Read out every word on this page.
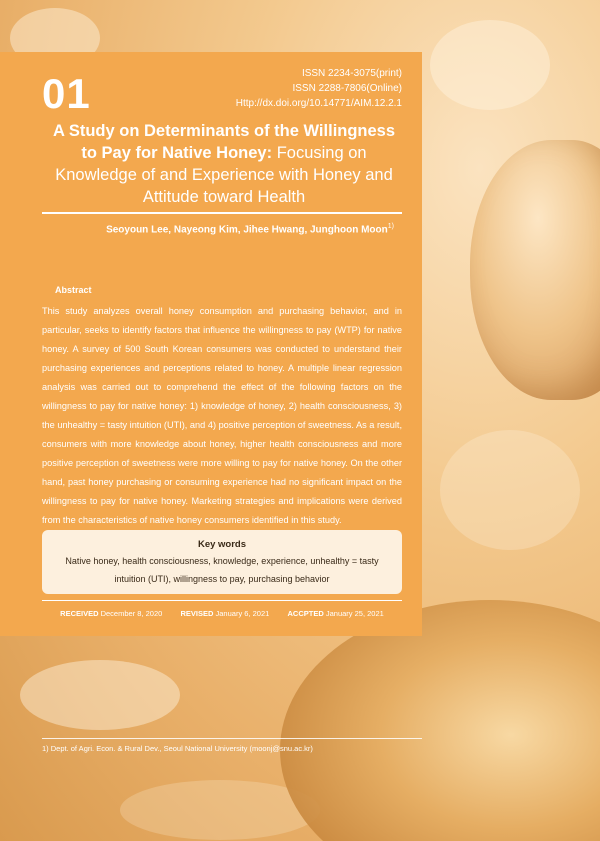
01	ISSN 2234-3075(print)
ISSN 2288-7806(Online)
Http://dx.doi.org/10.14771/AIM.12.2.1
A Study on Determinants of the Willingness to Pay for Native Honey: Focusing on Knowledge of and Experience with Honey and Attitude toward Health
Seoyoun Lee, Nayeong Kim, Jihee Hwang, Junghoon Moon$^{1)}$
Abstract
This study analyzes overall honey consumption and purchasing behavior, and in particular, seeks to identify factors that influence the willingness to pay (WTP) for native honey. A survey of 500 South Korean consumers was conducted to understand their purchasing experiences and perceptions related to honey. A multiple linear regression analysis was carried out to comprehend the effect of the following factors on the willingness to pay for native honey: 1) knowledge of honey, 2) health consciousness, 3) the unhealthy = tasty intuition (UTI), and 4) positive perception of sweetness. As a result, consumers with more knowledge about honey, higher health consciousness and more positive perception of sweetness were more willing to pay for native honey. On the other hand, past honey purchasing or consuming experience had no significant impact on the willingness to pay for native honey. Marketing strategies and implications were derived from the characteristics of native honey consumers identified in this study.
Key words
Native honey, health consciousness, knowledge, experience, unhealthy = tasty intuition (UTI), willingness to pay, purchasing behavior
RECEIVED December 8, 2020 REVISED January 6, 2021 ACCPTED January 25, 2021
1) Dept. of Agri. Econ. & Rural Dev., Seoul National University (moonj@snu.ac.kr)
